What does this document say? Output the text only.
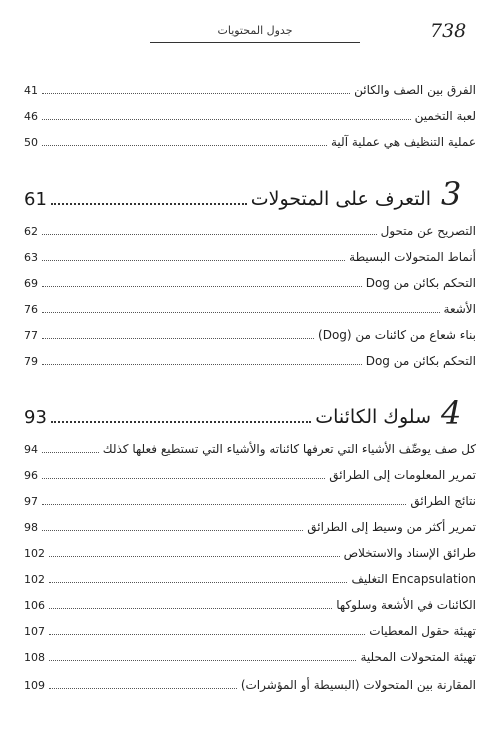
738
جدول المحتويات
الفرق بين الصف والكائن
41
لعبة التخمين
46
عملية التنظيف هي عملية آلية
50
3
التعرف على المتحولات
61
التصريح عن متحول
62
أنماط المتحولات البسيطة
63
التحكم بكائن من Dog
69
الأشعة
76
بناء شعاع من كائنات من (Dog)
77
التحكم بكائن من Dog
79
4
سلوك الكائنات
93
كل صف يوصِّف الأشياء التي تعرفها كائناته والأشياء التي تستطيع فعلها كذلك
94
تمرير المعلومات إلى الطرائق
96
نتائج الطرائق
97
تمرير أكثر من وسيط إلى الطرائق
98
طرائق الإسناد والاستخلاص
102
Encapsulation التغليف
102
الكائنات في الأشعة وسلوكها
106
تهيئة حقول المعطيات
107
تهيئة المتحولات المحلية
108
المقارنة بين المتحولات (البسيطة أو المؤشرات)
109
